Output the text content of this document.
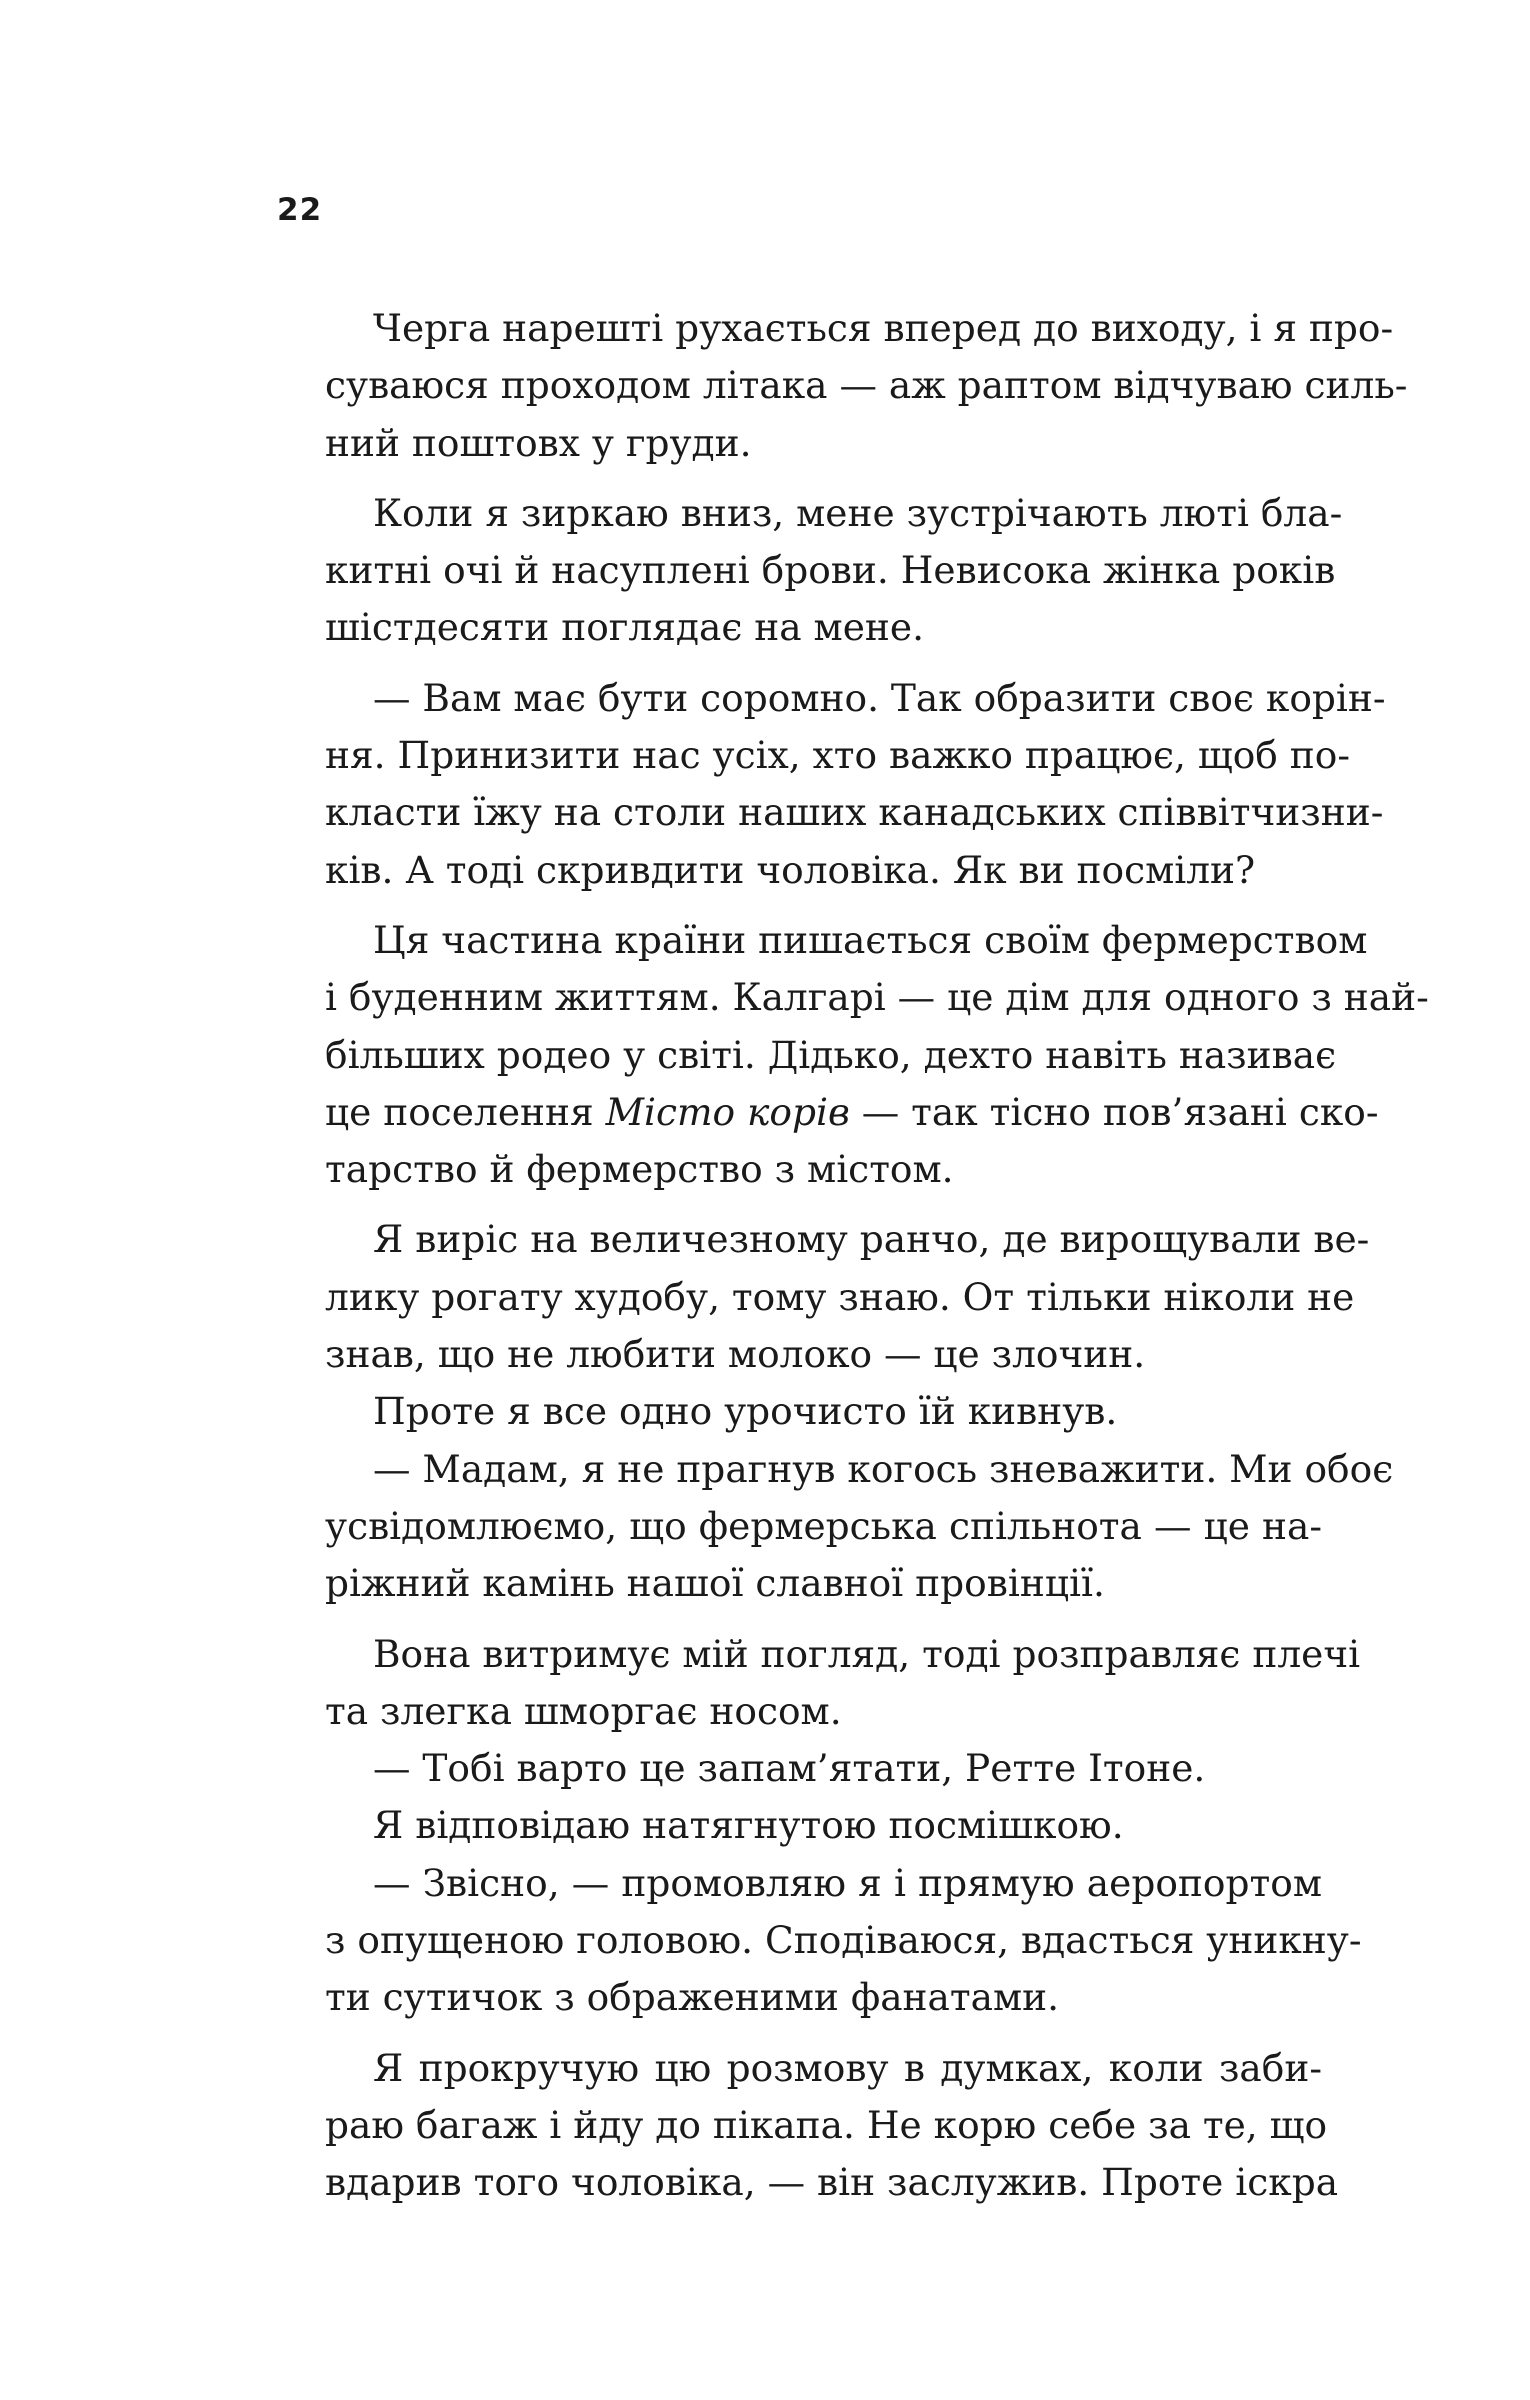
22
Черга нарешті рухається вперед до виходу, і я про-
суваюся проходом літака — аж раптом відчуваю силь-
ний поштовх у груди.
Коли я зиркаю вниз, мене зустрічають люті бла-
китні очі й насуплені брови. Невисока жінка років
шістдесяти поглядає на мене.
— Вам має бути соромно. Так образити своє корін-
ня. Принизити нас усіх, хто важко працює, щоб по-
класти їжу на столи наших канадських співвітчизни-
ків. А тоді скривдити чоловіка. Як ви посміли?
Ця частина країни пишається своїм фермерством
і буденним життям. Калгарі — це дім для одного з най-
більших родео у світі. Дідько, дехто навіть називає
це поселення Місто корів — так тісно пов’язані ско-
тарство й фермерство з містом.
Я виріс на величезному ранчо, де вирощували ве-
лику рогату худобу, тому знаю. От тільки ніколи не
знав, що не любити молоко — це злочин.
Проте я все одно урочисто їй кивнув.
— Мадам, я не прагнув когось зневажити. Ми обоє
усвідомлюємо, що фермерська спільнота — це на-
ріжний камінь нашої славної провінції.
Вона витримує мій погляд, тоді розправляє плечі
та злегка шморгає носом.
— Тобі варто це запам’ятати, Ретте Ітоне.
Я відповідаю натягнутою посмішкою.
— Звісно, — промовляю я і прямую аеропортом
з опущеною головою. Сподіваюся, вдасться уникну-
ти сутичок з ображеними фанатами.
Я прокручую цю розмову в думках, коли заби-
раю багаж і йду до пікапа. Не корю себе за те, що
вдарив того чоловіка, — він заслужив. Проте іскра
